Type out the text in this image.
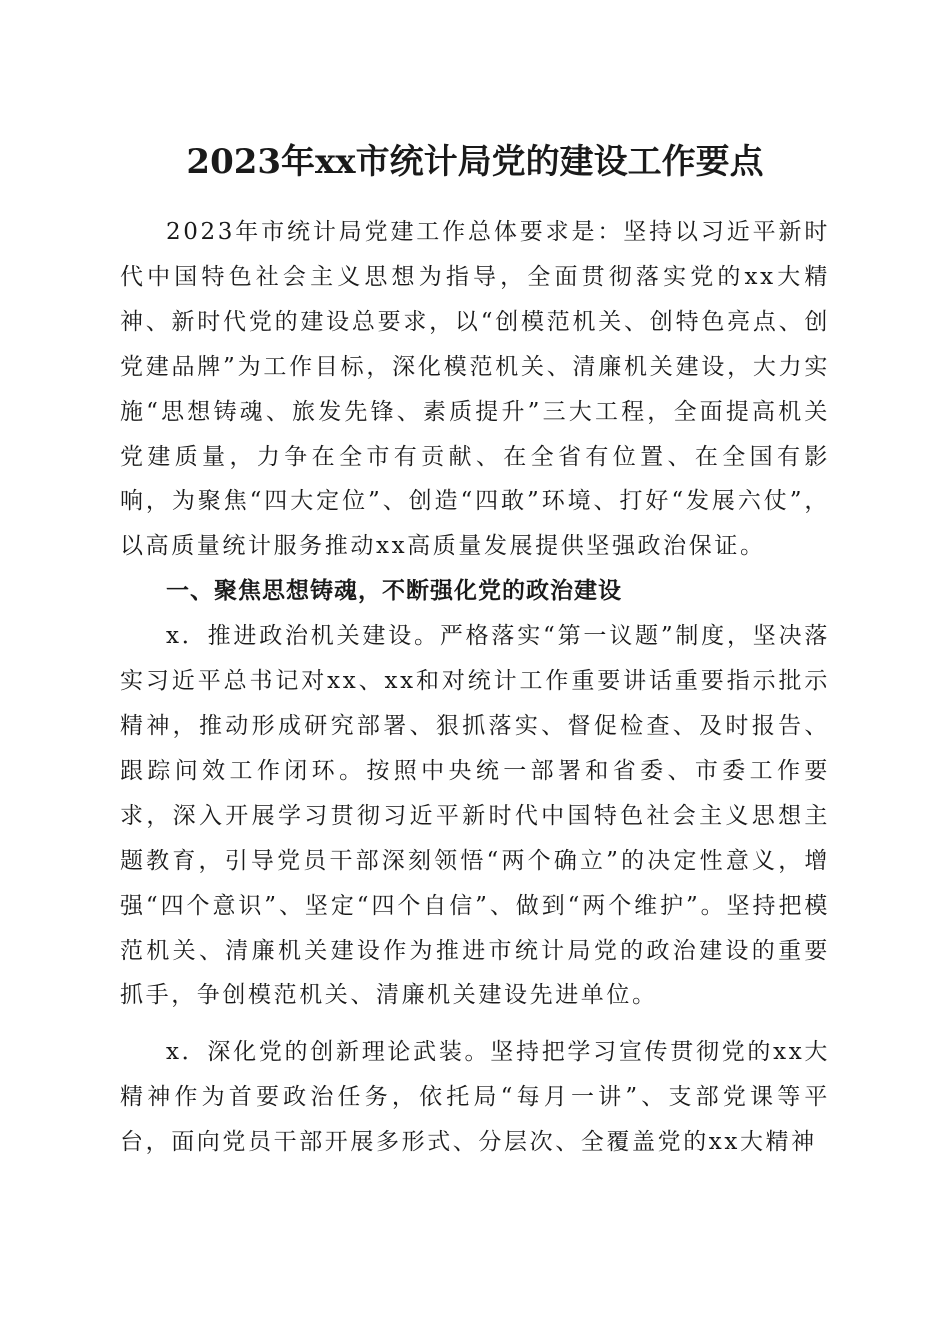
2023年xx市统计局党的建设工作要点

2023年市统计局党建工作总体要求是：坚持以习近平新时代中国特色社会主义思想为指导，全面贯彻落实党的xx大精神、新时代党的建设总要求，以“创模范机关、创特色亮点、创党建品牌”为工作目标，深化模范机关、清廉机关建设，大力实施“思想铸魂、旅发先锋、素质提升”三大工程，全面提高机关党建质量，力争在全市有贡献、在全省有位置、在全国有影响，为聚焦“四大定位”、创造“四敢”环境、打好“发展六仗”，以高质量统计服务推动xx高质量发展提供坚强政治保证。

一、聚焦思想铸魂，不断强化党的政治建设

x．推进政治机关建设。严格落实“第一议题”制度，坚决落实习近平总书记对xx、xx和对统计工作重要讲话重要指示批示精神，推动形成研究部署、狠抓落实、督促检查、及时报告、跟踪问效工作闭环。按照中央统一部署和省委、市委工作要求，深入开展学习贯彻习近平新时代中国特色社会主义思想主题教育，引导党员干部深刻领悟“两个确立”的决定性意义，增强“四个意识”、坚定“四个自信”、做到“两个维护”。坚持把模范机关、清廉机关建设作为推进市统计局党的政治建设的重要抓手，争创模范机关、清廉机关建设先进单位。

x．深化党的创新理论武装。坚持把学习宣传贯彻党的xx大精神作为首要政治任务，依托局“每月一讲”、支部党课等平台，面向党员干部开展多形式、分层次、全覆盖党的xx大精神
